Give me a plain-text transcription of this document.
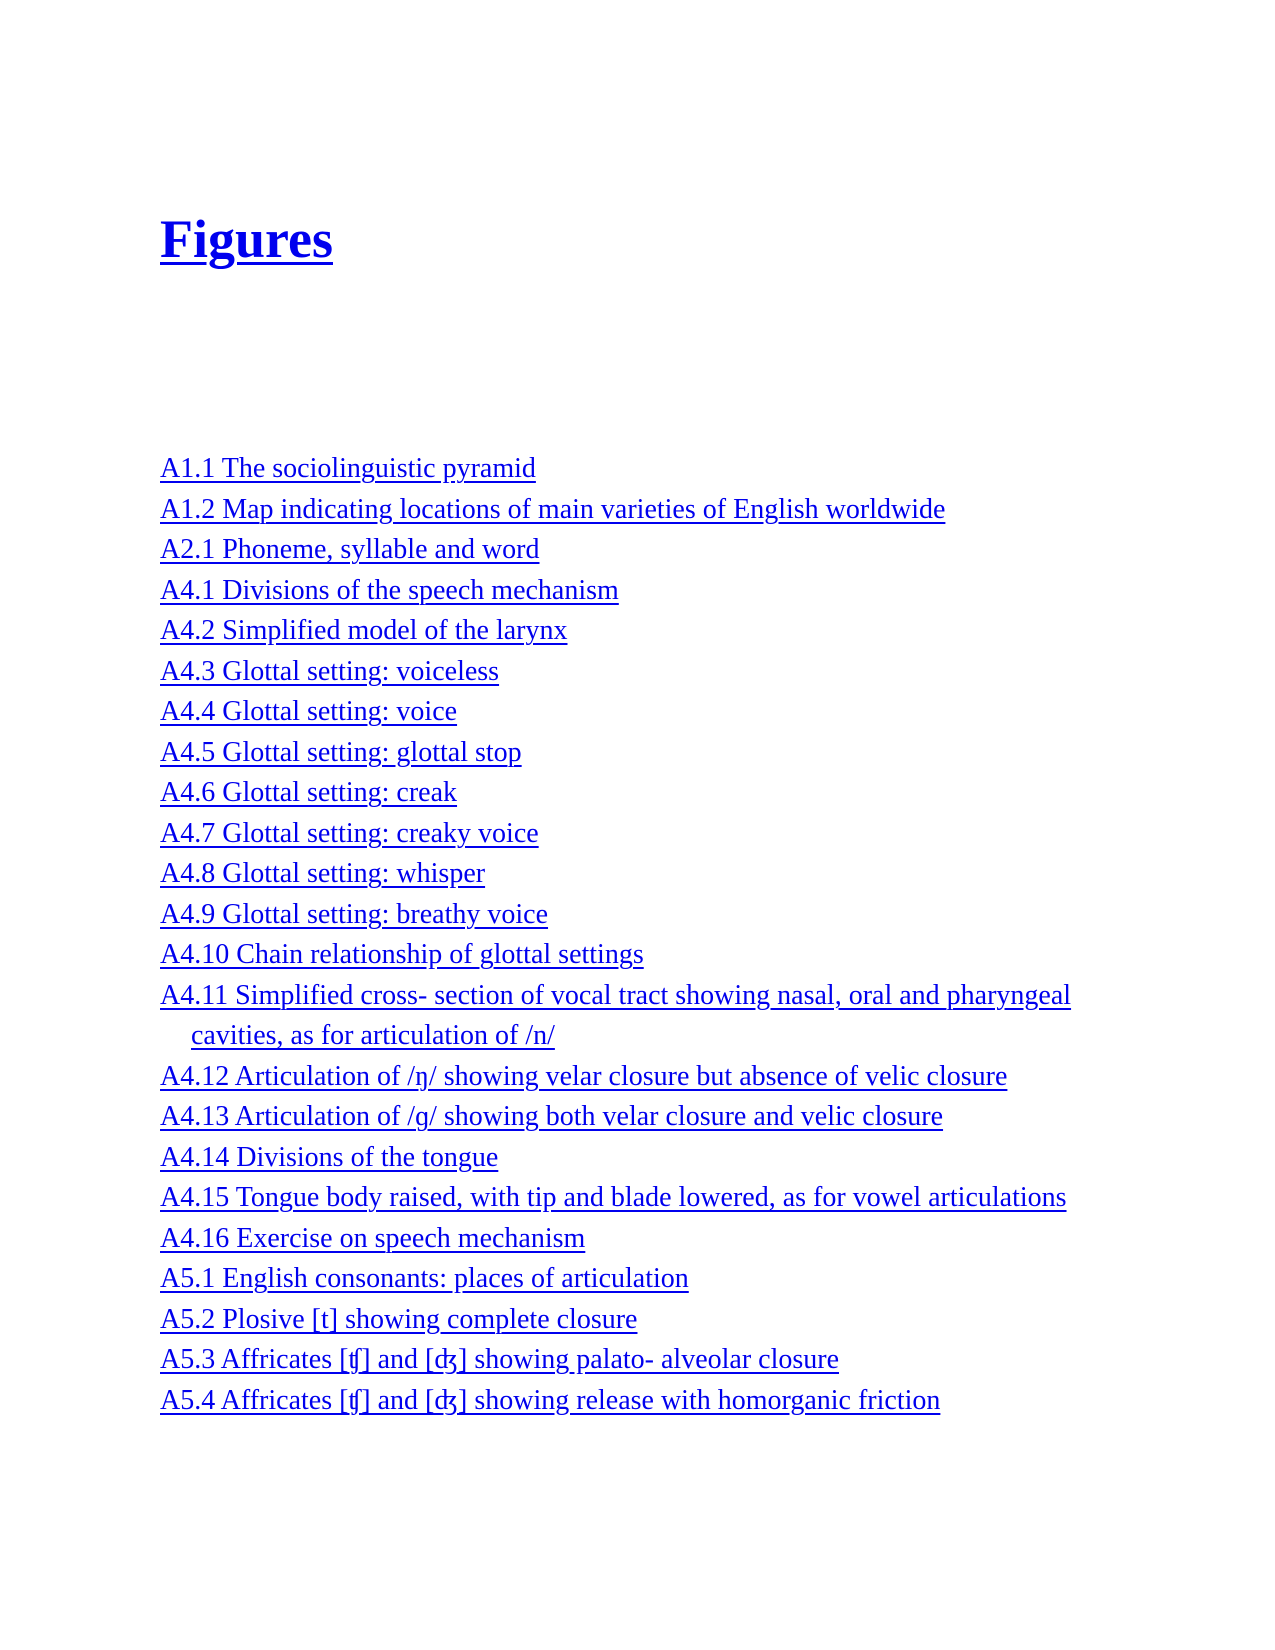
Figures
A1.1 The sociolinguistic pyramid
A1.2 Map indicating locations of main varieties of English worldwide
A2.1 Phoneme, syllable and word
A4.1 Divisions of the speech mechanism
A4.2 Simplified model of the larynx
A4.3 Glottal setting: voiceless
A4.4 Glottal setting: voice
A4.5 Glottal setting: glottal stop
A4.6 Glottal setting: creak
A4.7 Glottal setting: creaky voice
A4.8 Glottal setting: whisper
A4.9 Glottal setting: breathy voice
A4.10 Chain relationship of glottal settings
A4.11 Simplified cross- section of vocal tract showing nasal, oral and pharyngeal cavities, as for articulation of /n/
A4.12 Articulation of /ŋ/ showing velar closure but absence of velic closure
A4.13 Articulation of /ɡ/ showing both velar closure and velic closure
A4.14 Divisions of the tongue
A4.15 Tongue body raised, with tip and blade lowered, as for vowel articulations
A4.16 Exercise on speech mechanism
A5.1 English consonants: places of articulation
A5.2 Plosive [t] showing complete closure
A5.3 Affricates [ʧ] and [ʤ] showing palato- alveolar closure
A5.4 Affricates [ʧ] and [ʤ] showing release with homorganic friction
